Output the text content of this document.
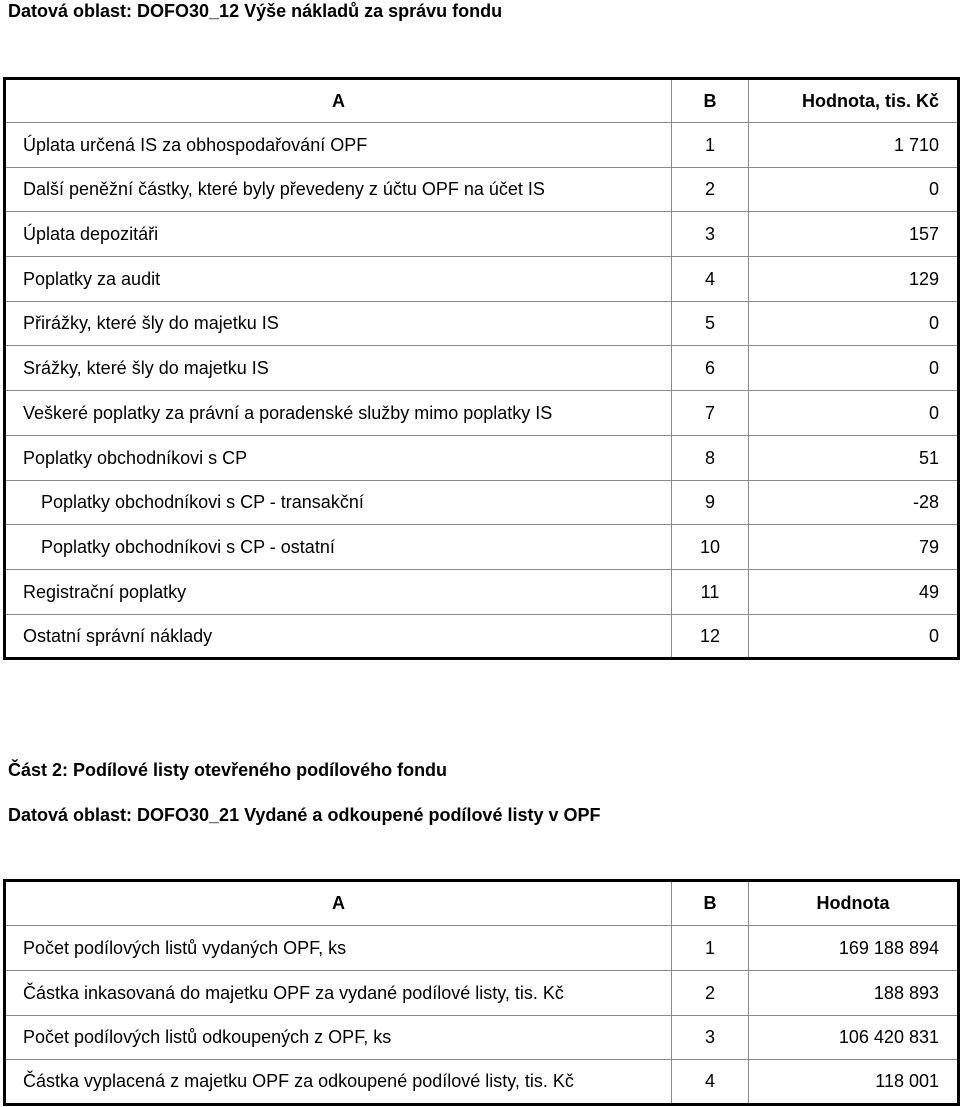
Datová oblast: DOFO30_12 Výše nákladů za správu fondu
A	B	Hodnota, tis. Kč
Úplata určená IS za obhospodařování OPF	1	1 710
Další peněžní částky, které byly převedeny z účtu OPF na účet IS	2	0
Úplata depozitáři	3	157
Poplatky za audit	4	129
Přirážky, které šly do majetku IS	5	0
Srážky, které šly do majetku IS	6	0
Veškeré poplatky za právní a poradenské služby mimo poplatky IS	7	0
Poplatky obchodníkovi s CP	8	51
Poplatky obchodníkovi s CP - transakční	9	-28
Poplatky obchodníkovi s CP - ostatní	10	79
Registrační poplatky	11	49
Ostatní správní náklady	12	0
Část 2: Podílové listy otevřeného podílového fondu
Datová oblast: DOFO30_21 Vydané a odkoupené podílové listy v OPF
A	B	Hodnota
Počet podílových listů vydaných OPF, ks	1	169 188 894
Částka inkasovaná do majetku OPF za vydané podílové listy, tis. Kč	2	188 893
Počet podílových listů odkoupených z OPF, ks	3	106 420 831
Částka vyplacená z majetku OPF za odkoupené podílové listy, tis. Kč	4	118 001
